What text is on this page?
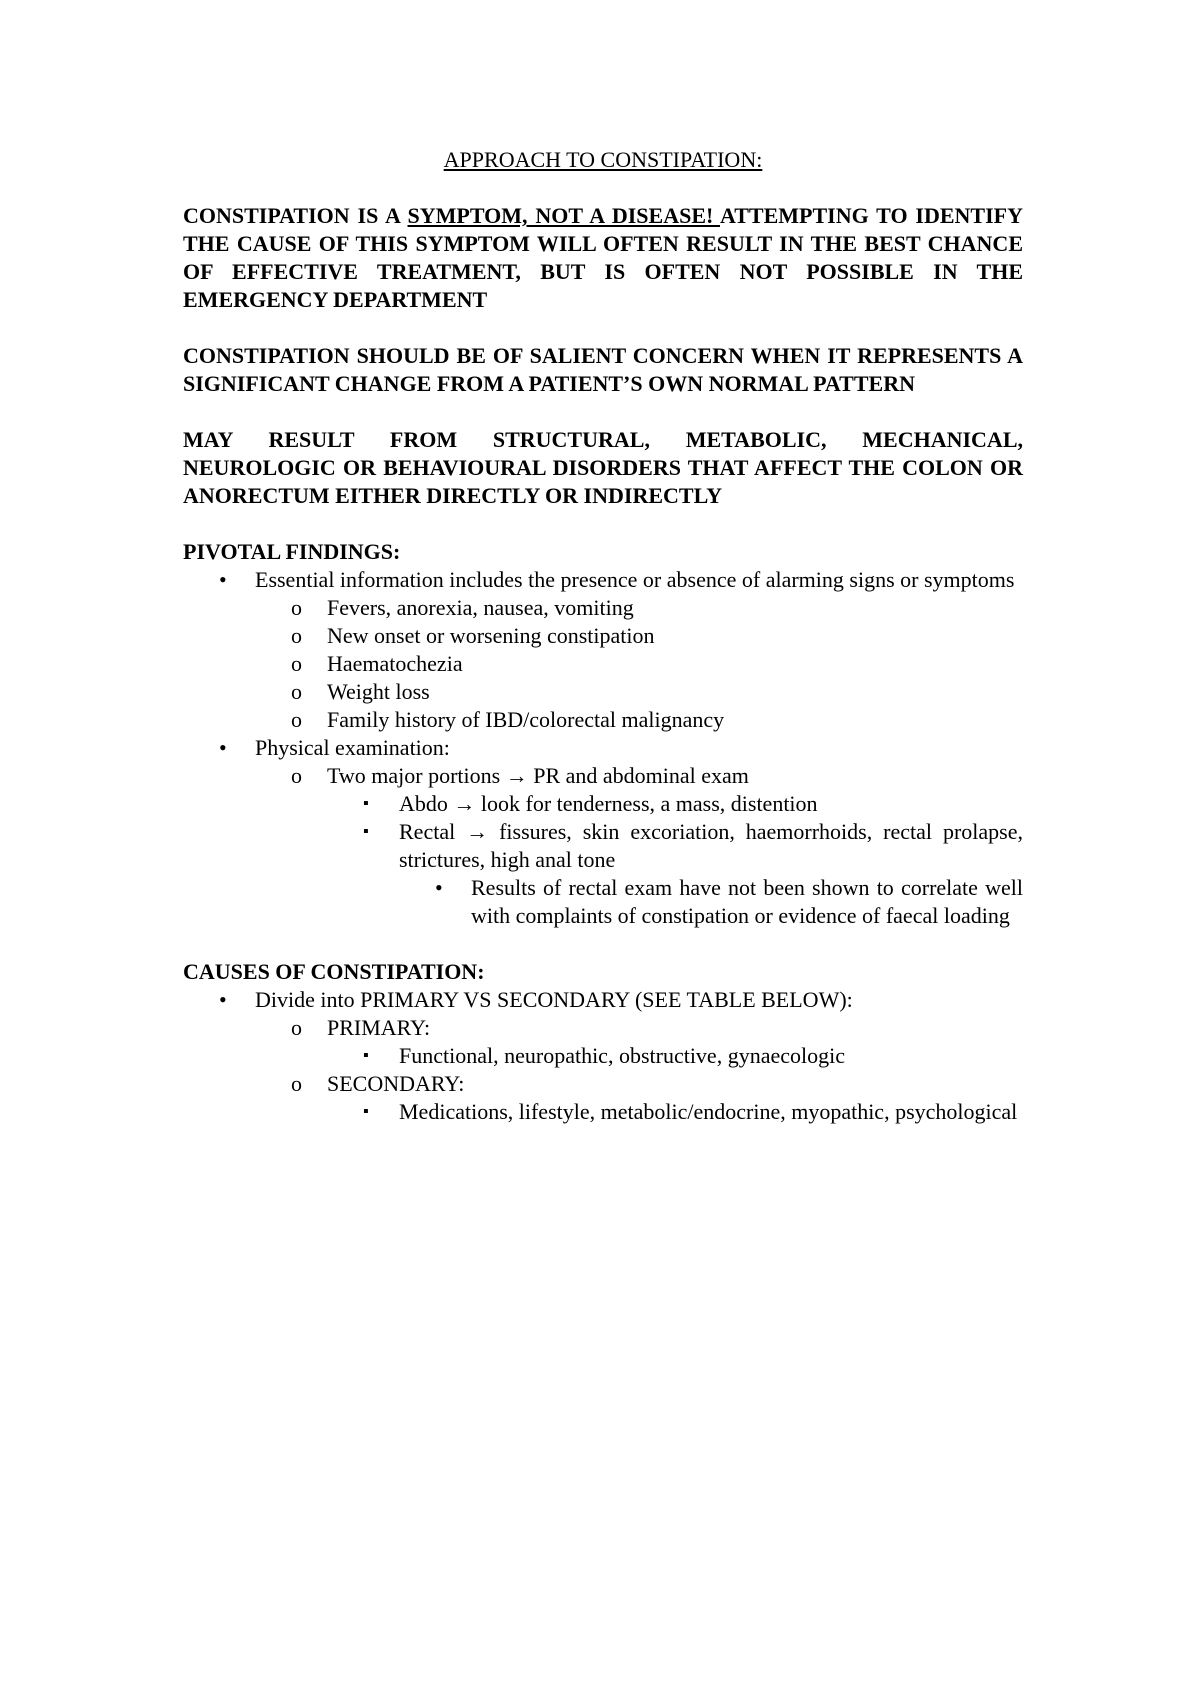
APPROACH TO CONSTIPATION:

CONSTIPATION IS A SYMPTOM, NOT A DISEASE! ATTEMPTING TO IDENTIFY THE CAUSE OF THIS SYMPTOM WILL OFTEN RESULT IN THE BEST CHANCE OF EFFECTIVE TREATMENT, BUT IS OFTEN NOT POSSIBLE IN THE EMERGENCY DEPARTMENT

CONSTIPATION SHOULD BE OF SALIENT CONCERN WHEN IT REPRESENTS A SIGNIFICANT CHANGE FROM A PATIENT’S OWN NORMAL PATTERN

MAY RESULT FROM STRUCTURAL, METABOLIC, MECHANICAL, NEUROLOGIC OR BEHAVIOURAL DISORDERS THAT AFFECT THE COLON OR ANORECTUM EITHER DIRECTLY OR INDIRECTLY

PIVOTAL FINDINGS:
• Essential information includes the presence or absence of alarming signs or symptoms
o Fevers, anorexia, nausea, vomiting
o New onset or worsening constipation
o Haematochezia
o Weight loss
o Family history of IBD/colorectal malignancy
• Physical examination:
o Two major portions → PR and abdominal exam
▪ Abdo → look for tenderness, a mass, distention
▪ Rectal → fissures, skin excoriation, haemorrhoids, rectal prolapse, strictures, high anal tone
• Results of rectal exam have not been shown to correlate well with complaints of constipation or evidence of faecal loading
CAUSES OF CONSTIPATION:
• Divide into PRIMARY VS SECONDARY (SEE TABLE BELOW):
o PRIMARY:
▪ Functional, neuropathic, obstructive, gynaecologic
o SECONDARY:
▪ Medications, lifestyle, metabolic/endocrine, myopathic, psychological
